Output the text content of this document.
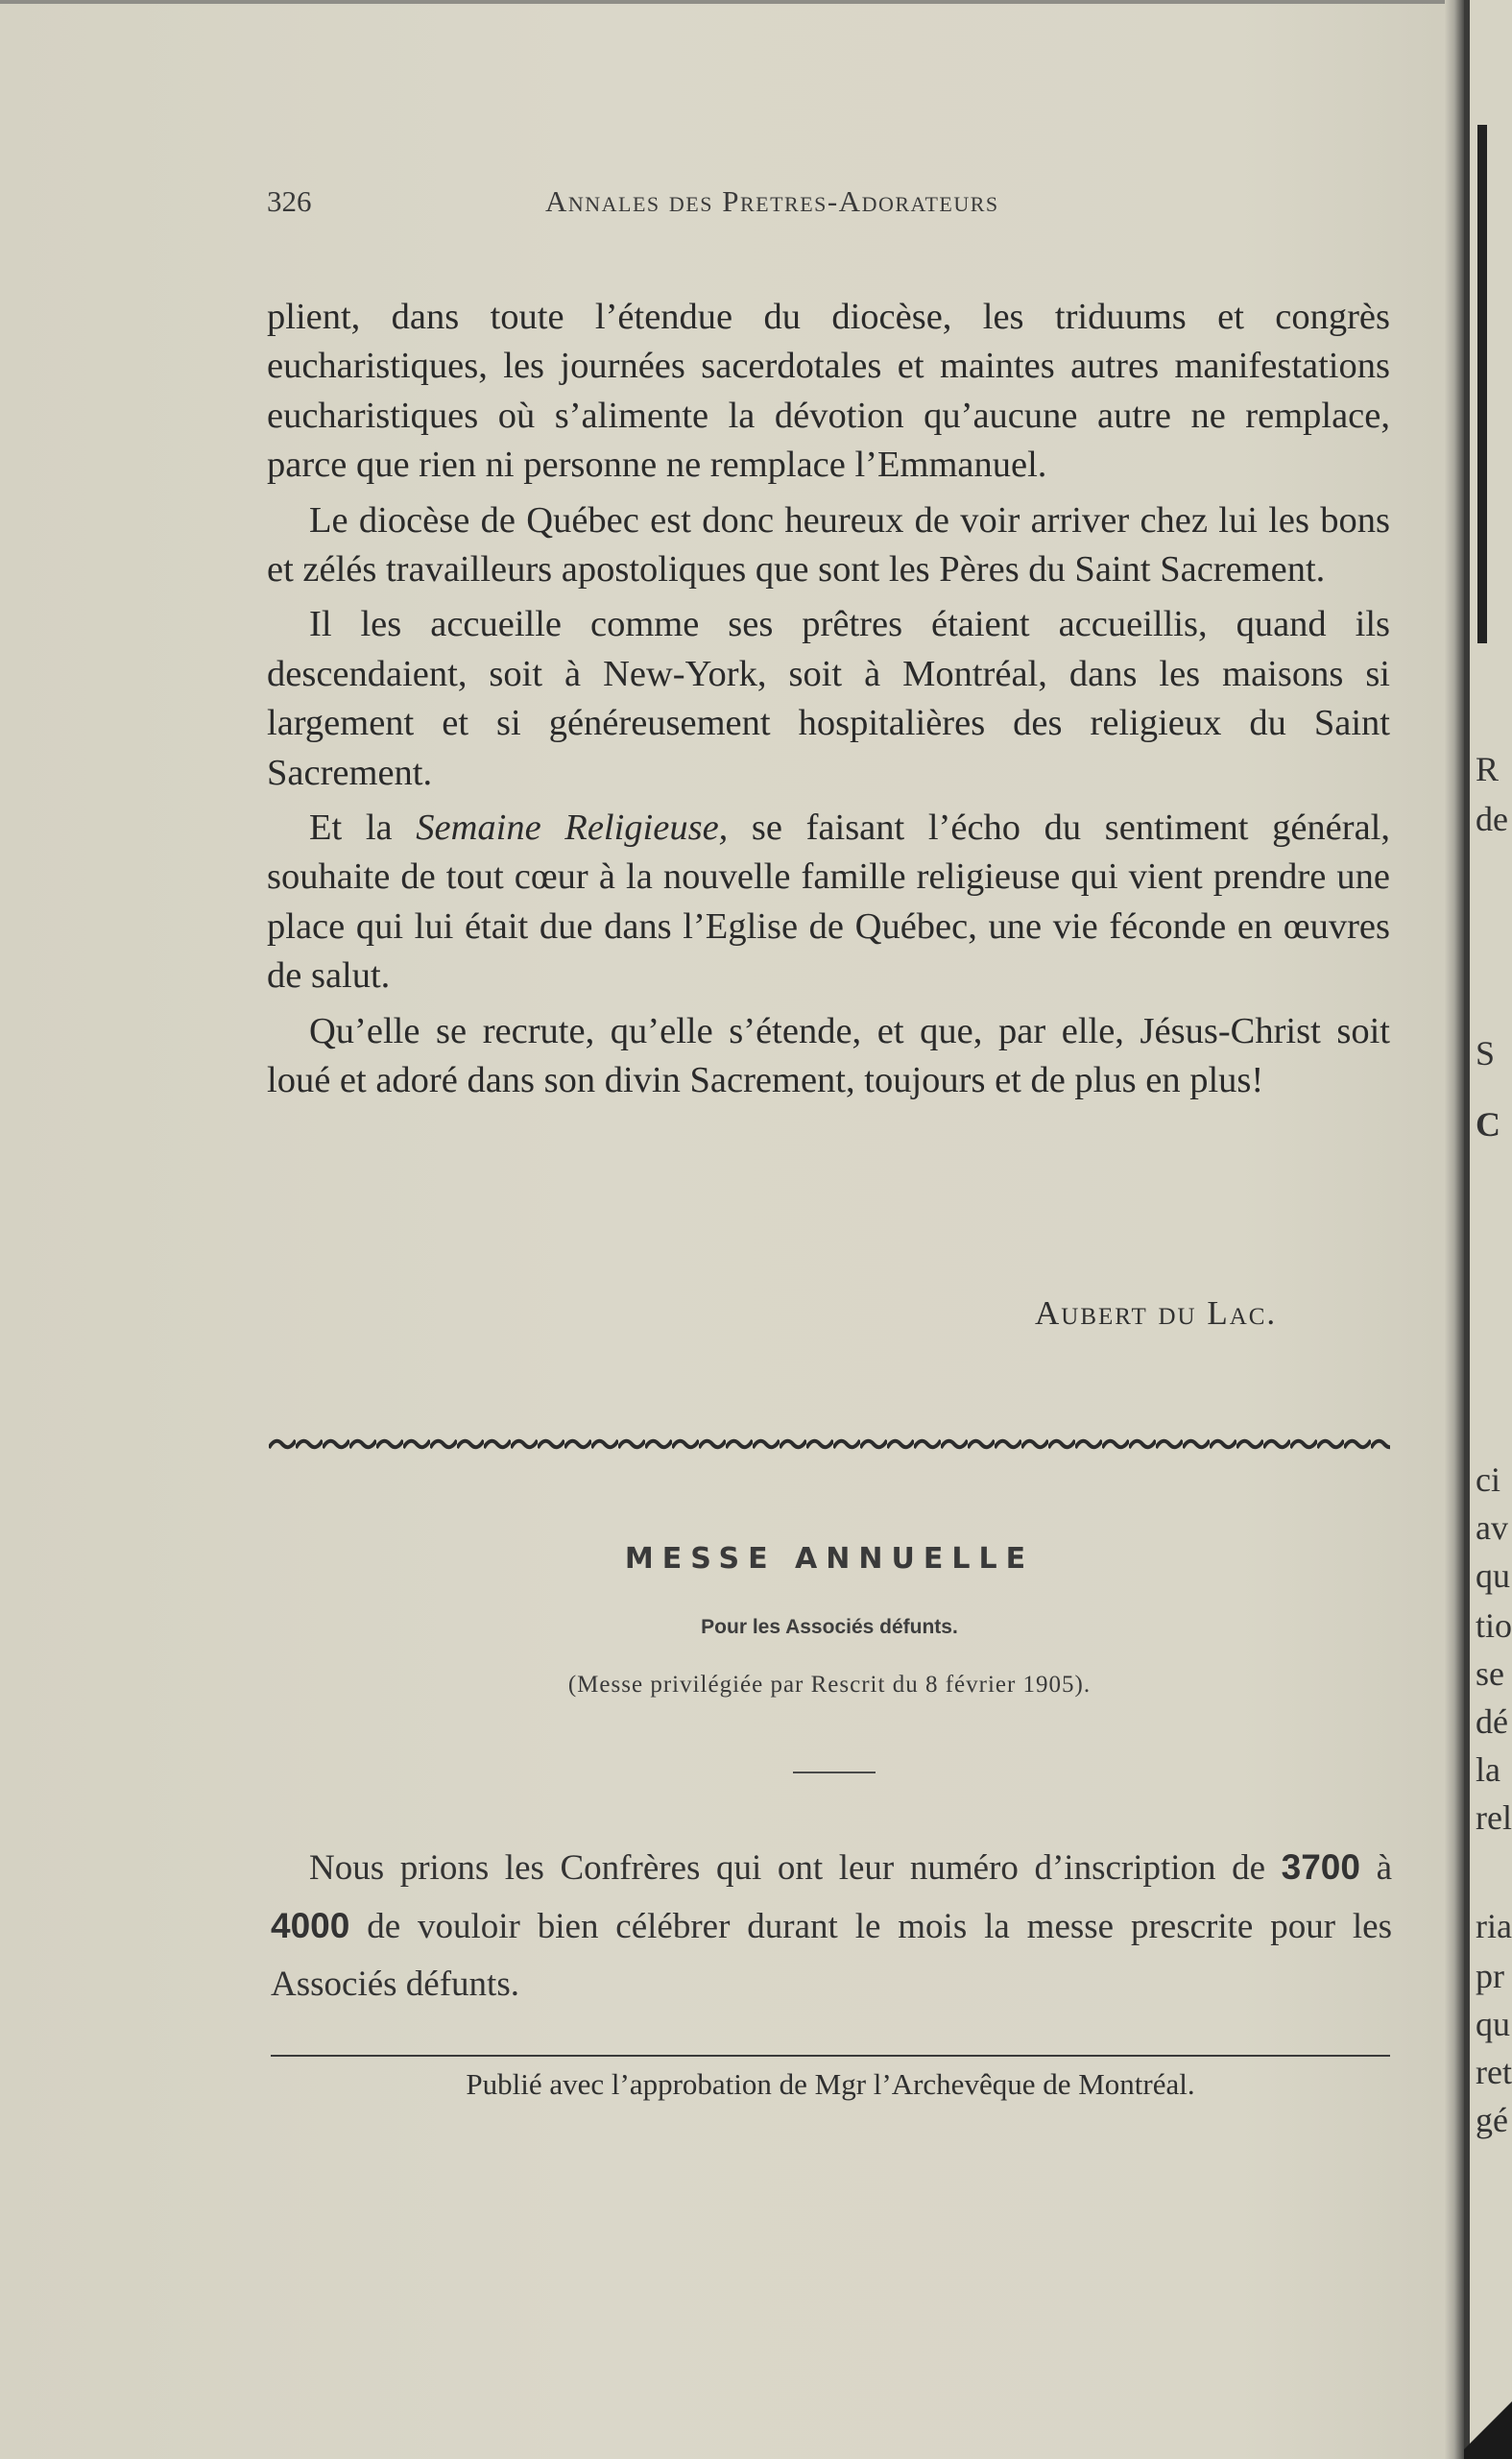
326	Annales des Pretres-Adorateurs

plient, dans toute l’étendue du diocèse, les triduums et congrès eucharistiques, les journées sacerdotales et maintes autres manifestations eucharistiques où s’alimente la dévotion qu’aucune autre ne remplace, parce que rien ni personne ne remplace l’Emmanuel.

Le diocèse de Québec est donc heureux de voir arriver chez lui les bons et zélés travailleurs apostoliques que sont les Pères du Saint Sacrement.

Il les accueille comme ses prêtres étaient accueillis, quand ils descendaient, soit à New-York, soit à Montréal, dans les maisons si largement et si généreusement hospitalières des religieux du Saint Sacrement.

Et la Semaine Religieuse, se faisant l’écho du sentiment général, souhaite de tout cœur à la nouvelle famille religieuse qui vient prendre une place qui lui était due dans l’Eglise de Québec, une vie féconde en œuvres de salut.

Qu’elle se recrute, qu’elle s’étende, et que, par elle, Jésus-Christ soit loué et adoré dans son divin Sacrement, toujours et de plus en plus!

Aubert du Lac.
MESSE ANNUELLE
Pour les Associés défunts.
(Messe privilégiée par Rescrit du 8 février 1905).

Nous prions les Confrères qui ont leur numéro d’inscription de 3700 à 4000 de vouloir bien célébrer durant le mois la messe prescrite pour les Associés défunts.

Publié avec l’approbation de Mgr l’Archevêque de Montréal.
R
de
S
C
ci
av
qu
tio
se
dé
la
rel
ria
pr
qu
ret
gé
